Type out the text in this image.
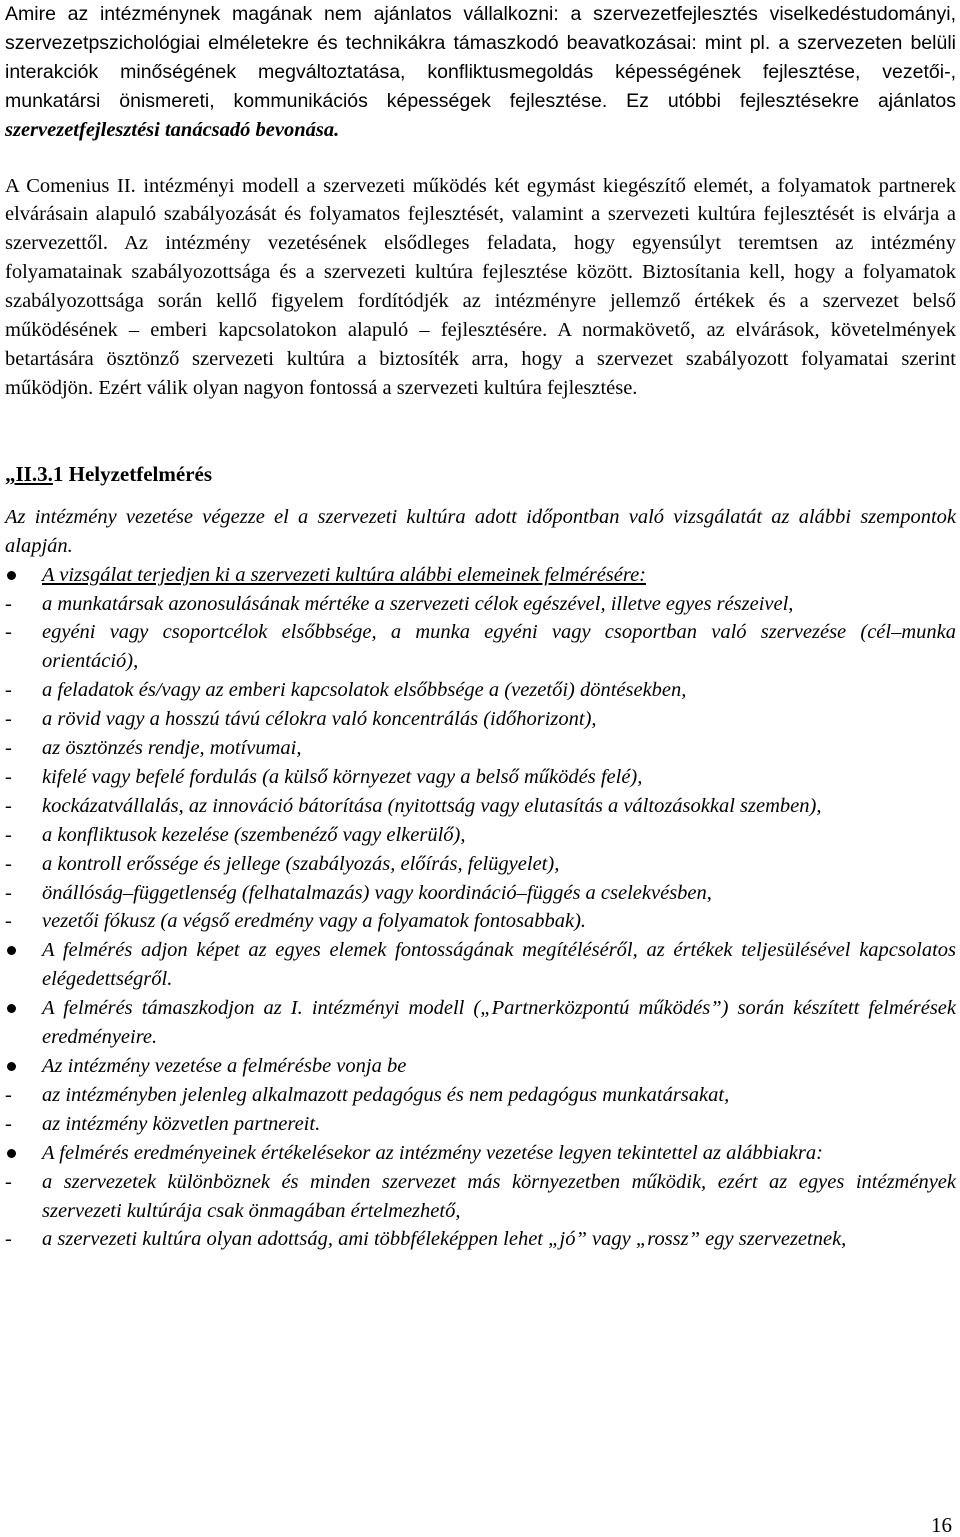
Amire az intézménynek magának nem ajánlatos vállalkozni: a szervezetfejlesztés viselkedéstudományi, szervezetpszichológiai elméletekre és technikákra támaszkodó beavatkozásai: mint pl. a szervezeten belüli interakciók minőségének megváltoztatása, konfliktusmegoldás képességének fejlesztése, vezetői-, munkatársi önismereti, kommunikációs képességek fejlesztése. Ez utóbbi fejlesztésekre ajánlatos szervezetfejlesztési tanácsadó bevonása.

A Comenius II. intézményi modell a szervezeti működés két egymást kiegészítő elemét, a folyamatok partnerek elvárásain alapuló szabályozását és folyamatos fejlesztését, valamint a szervezeti kultúra fejlesztését is elvárja a szervezettől. Az intézmény vezetésének elsődleges feladata, hogy egyensúlyt teremtsen az intézmény folyamatainak szabályozottsága és a szervezeti kultúra fejlesztése között. Biztosítania kell, hogy a folyamatok szabályozottsága során kellő figyelem fordítódjék az intézményre jellemző értékek és a szervezet belső működésének – emberi kapcsolatokon alapuló – fejlesztésére. A normakövető, az elvárások, követelmények betartására ösztönző szervezeti kultúra a biztosíték arra, hogy a szervezet szabályozott folyamatai szerint működjön. Ezért válik olyan nagyon fontossá a szervezeti kultúra fejlesztése.

„II.3.1 Helyzetfelmérés

Az intézmény vezetése végezze el a szervezeti kultúra adott időpontban való vizsgálatát az alábbi szempontok alapján.

A vizsgálat terjedjen ki a szervezeti kultúra alábbi elemeinek felmérésére:
-	a munkatársak azonosulásának mértéke a szervezeti célok egészével, illetve egyes részeivel,
-	egyéni vagy csoportcélok elsőbbsége, a munka egyéni vagy csoportban való szervezése (cél–munka orientáció),
-	a feladatok és/vagy az emberi kapcsolatok elsőbbsége a (vezetői) döntésekben,
-	a rövid vagy a hosszú távú célokra való koncentrálás (időhorizont),
-	az ösztönzés rendje, motívumai,
-	kifelé vagy befelé fordulás (a külső környezet vagy a belső működés felé),
-	kockázatvállalás, az innováció bátorítása (nyitottság vagy elutasítás a változásokkal szemben),
-	a konfliktusok kezelése (szembenéző vagy elkerülő),
-	a kontroll erőssége és jellege (szabályozás, előírás, felügyelet),
-	önállóság–függetlenség (felhatalmazás) vagy koordináció–függés a cselekvésben,
-	vezetői fókusz (a végső eredmény vagy a folyamatok fontosabbak).
A felmérés adjon képet az egyes elemek fontosságának megítéléséről, az értékek teljesülésével kapcsolatos elégedettségről.
A felmérés támaszkodjon az I. intézményi modell („Partnerközpontú működés”) során készített felmérések eredményeire.
Az intézmény vezetése a felmérésbe vonja be
-	az intézményben jelenleg alkalmazott pedagógus és nem pedagógus munkatársakat,
-	az intézmény közvetlen partnereit.
A felmérés eredményeinek értékelésekor az intézmény vezetése legyen tekintettel az alábbiakra:
-	a szervezetek különböznek és minden szervezet más környezetben működik, ezért az egyes intézmények szervezeti kultúrája csak önmagában értelmezhető,
-	a szervezeti kultúra olyan adottság, ami többféleképpen lehet „jó” vagy „rossz” egy szervezetnek,
16
